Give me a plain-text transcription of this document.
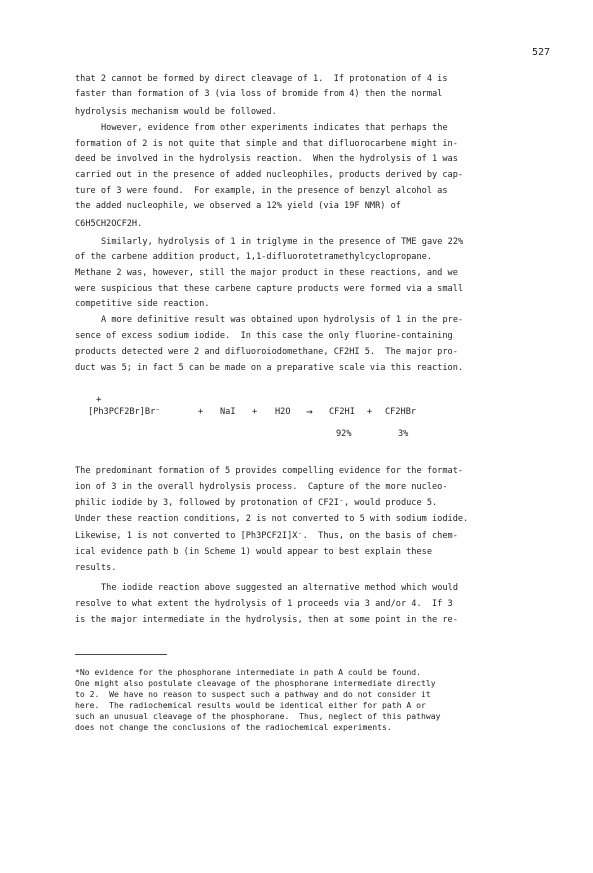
527
that 2 cannot be formed by direct cleavage of 1.  If protonation of 4 is
faster than formation of 3 (via loss of bromide from 4) then the normal
hydrolysis mechanism would be followed.
However, evidence from other experiments indicates that perhaps the
formation of 2 is not quite that simple and that difluorocarbene might in-
deed be involved in the hydrolysis reaction.  When the hydrolysis of 1 was
carried out in the presence of added nucleophiles, products derived by cap-
ture of 3 were found.  For example, in the presence of benzyl alcohol as
the added nucleophile, we observed a 12% yield (via 19F NMR) of
C6H5CH2OCF2H.
Similarly, hydrolysis of 1 in triglyme in the presence of TME gave 22%
of the carbene addition product, 1,1-difluorotetramethylcyclopropane.
Methane 2 was, however, still the major product in these reactions, and we
were suspicious that these carbene capture products were formed via a small
competitive side reaction.
A more definitive result was obtained upon hydrolysis of 1 in the pre-
sence of excess sodium iodide.  In this case the only fluorine-containing
products detected were 2 and difluoroiodomethane, CF2HI 5.  The major pro-
duct was 5; in fact 5 can be made on a preparative scale via this reaction.
+
[Ph3PCF2Br]Br⁻	+ NaI + H2O → CF2HI + CF2HBr
92%	3%
The predominant formation of 5 provides compelling evidence for the format-
ion of 3 in the overall hydrolysis process.  Capture of the more nucleo-
philic iodide by 3, followed by protonation of CF2I⁻, would produce 5.
Under these reaction conditions, 2 is not converted to 5 with sodium iodide.
Likewise, 1 is not converted to [Ph3PCF2I]X⁻.  Thus, on the basis of chem-
ical evidence path b (in Scheme 1) would appear to best explain these
results.
The iodide reaction above suggested an alternative method which would
resolve to what extent the hydrolysis of 1 proceeds via 3 and/or 4.  If 3
is the major intermediate in the hydrolysis, then at some point in the re-
*No evidence for the phosphorane intermediate in path A could be found.
One might also postulate cleavage of the phosphorane intermediate directly
to 2.  We have no reason to suspect such a pathway and do not consider it
here.  The radiochemical results would be identical either for path A or
such an unusual cleavage of the phosphorane.  Thus, neglect of this pathway
does not change the conclusions of the radiochemical experiments.
